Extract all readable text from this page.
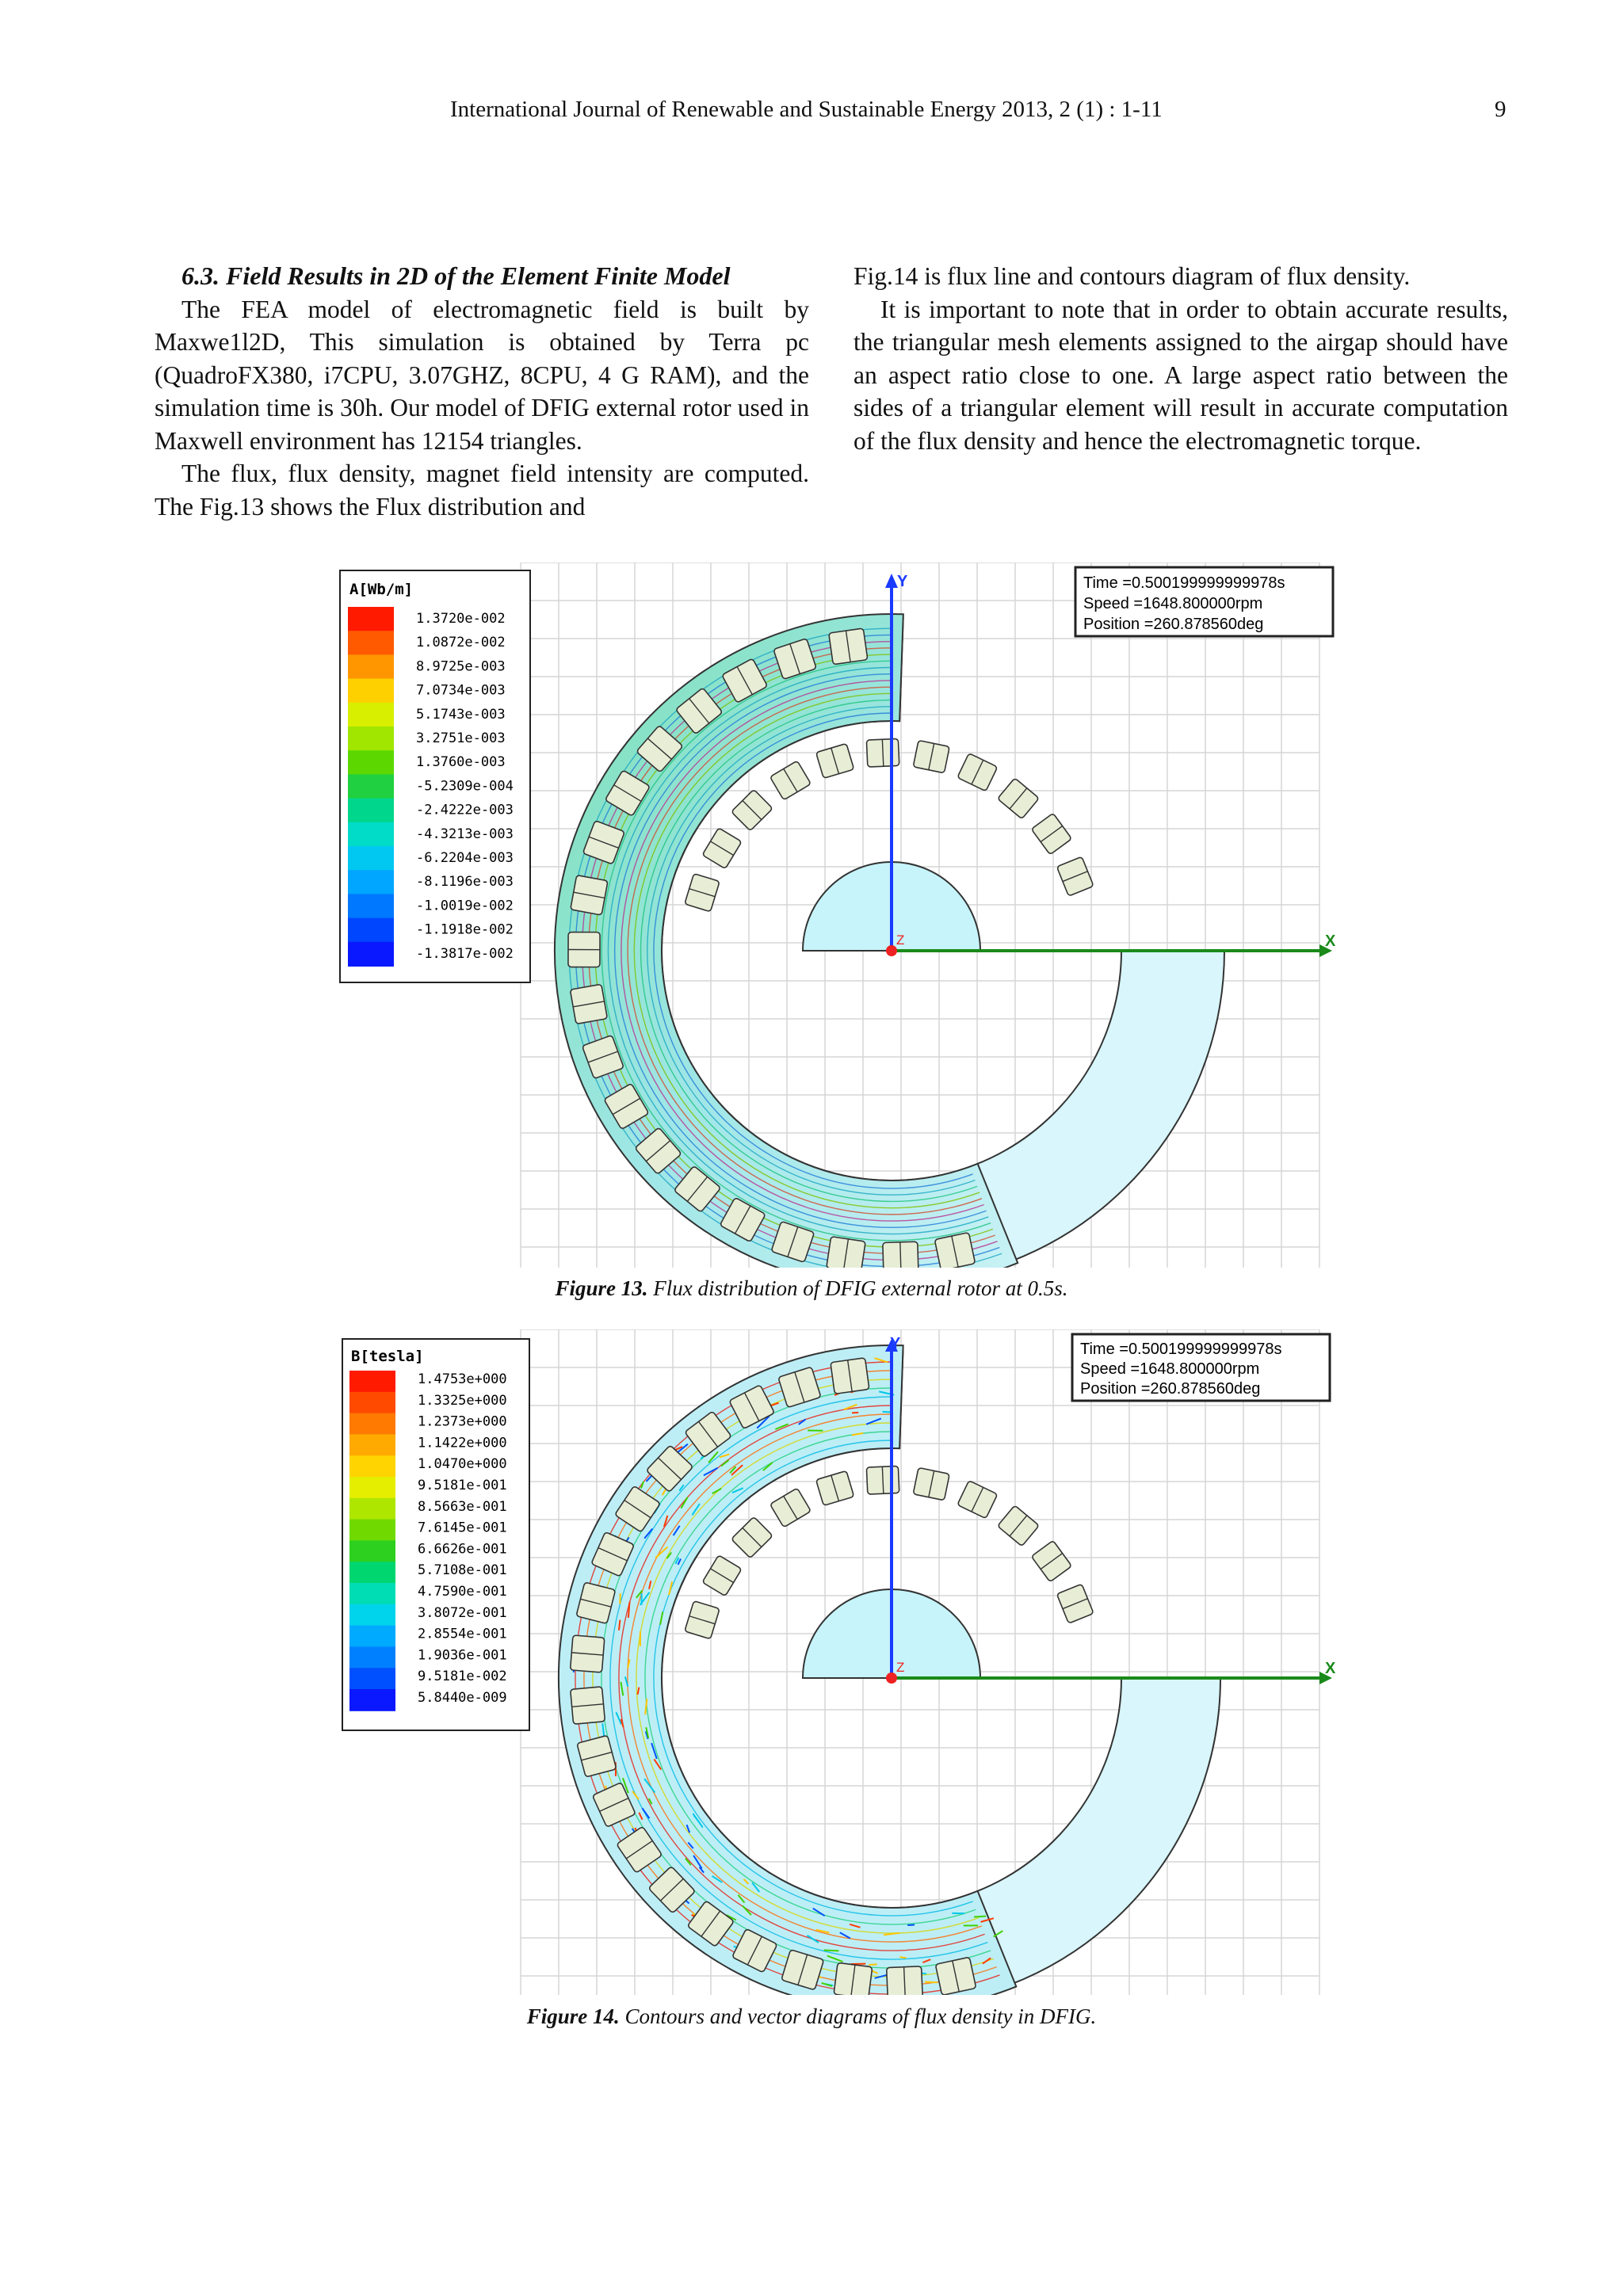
International Journal of Renewable and Sustainable Energy 2013, 2 (1) : 1-11	9

6.3. Field Results in 2D of the Element Finite Model

The FEA model of electromagnetic field is built by Maxwe1l2D, This simulation is obtained by Terra pc (QuadroFX380, i7CPU, 3.07GHZ, 8CPU, 4 G RAM), and the simulation time is 30h. Our model of DFIG external rotor used in Maxwell environment has 12154 triangles.

The flux, flux density, magnet field intensity are computed. The Fig.13 shows the Flux distribution and

Fig.14 is flux line and contours diagram of flux density.

It is important to note that in order to obtain accurate results, the triangular mesh elements assigned to the airgap should have an aspect ratio close to one. A large aspect ratio between the sides of a triangular element will result in accurate computation of the flux density and hence the electromagnetic torque.

Y
X
Z
A[Wb/m]
1.3720e-002
1.0872e-002
8.9725e-003
7.0734e-003
5.1743e-003
3.2751e-003
1.3760e-003
-5.2309e-004
-2.4222e-003
-4.3213e-003
-6.2204e-003
-8.1196e-003
-1.0019e-002
-1.1918e-002
-1.3817e-002
Time =0.500199999999978s
Speed =1648.800000rpm
Position =260.878560deg
Figure 13. Flux distribution of DFIG external rotor at 0.5s.
Y
X
Z
B[tesla]
1.4753e+000
1.3325e+000
1.2373e+000
1.1422e+000
1.0470e+000
9.5181e-001
8.5663e-001
7.6145e-001
6.6626e-001
5.7108e-001
4.7590e-001
3.8072e-001
2.8554e-001
1.9036e-001
9.5181e-002
5.8440e-009
Time =0.500199999999978s
Speed =1648.800000rpm
Position =260.878560deg
Figure 14. Contours and vector diagrams of flux density in DFIG.
